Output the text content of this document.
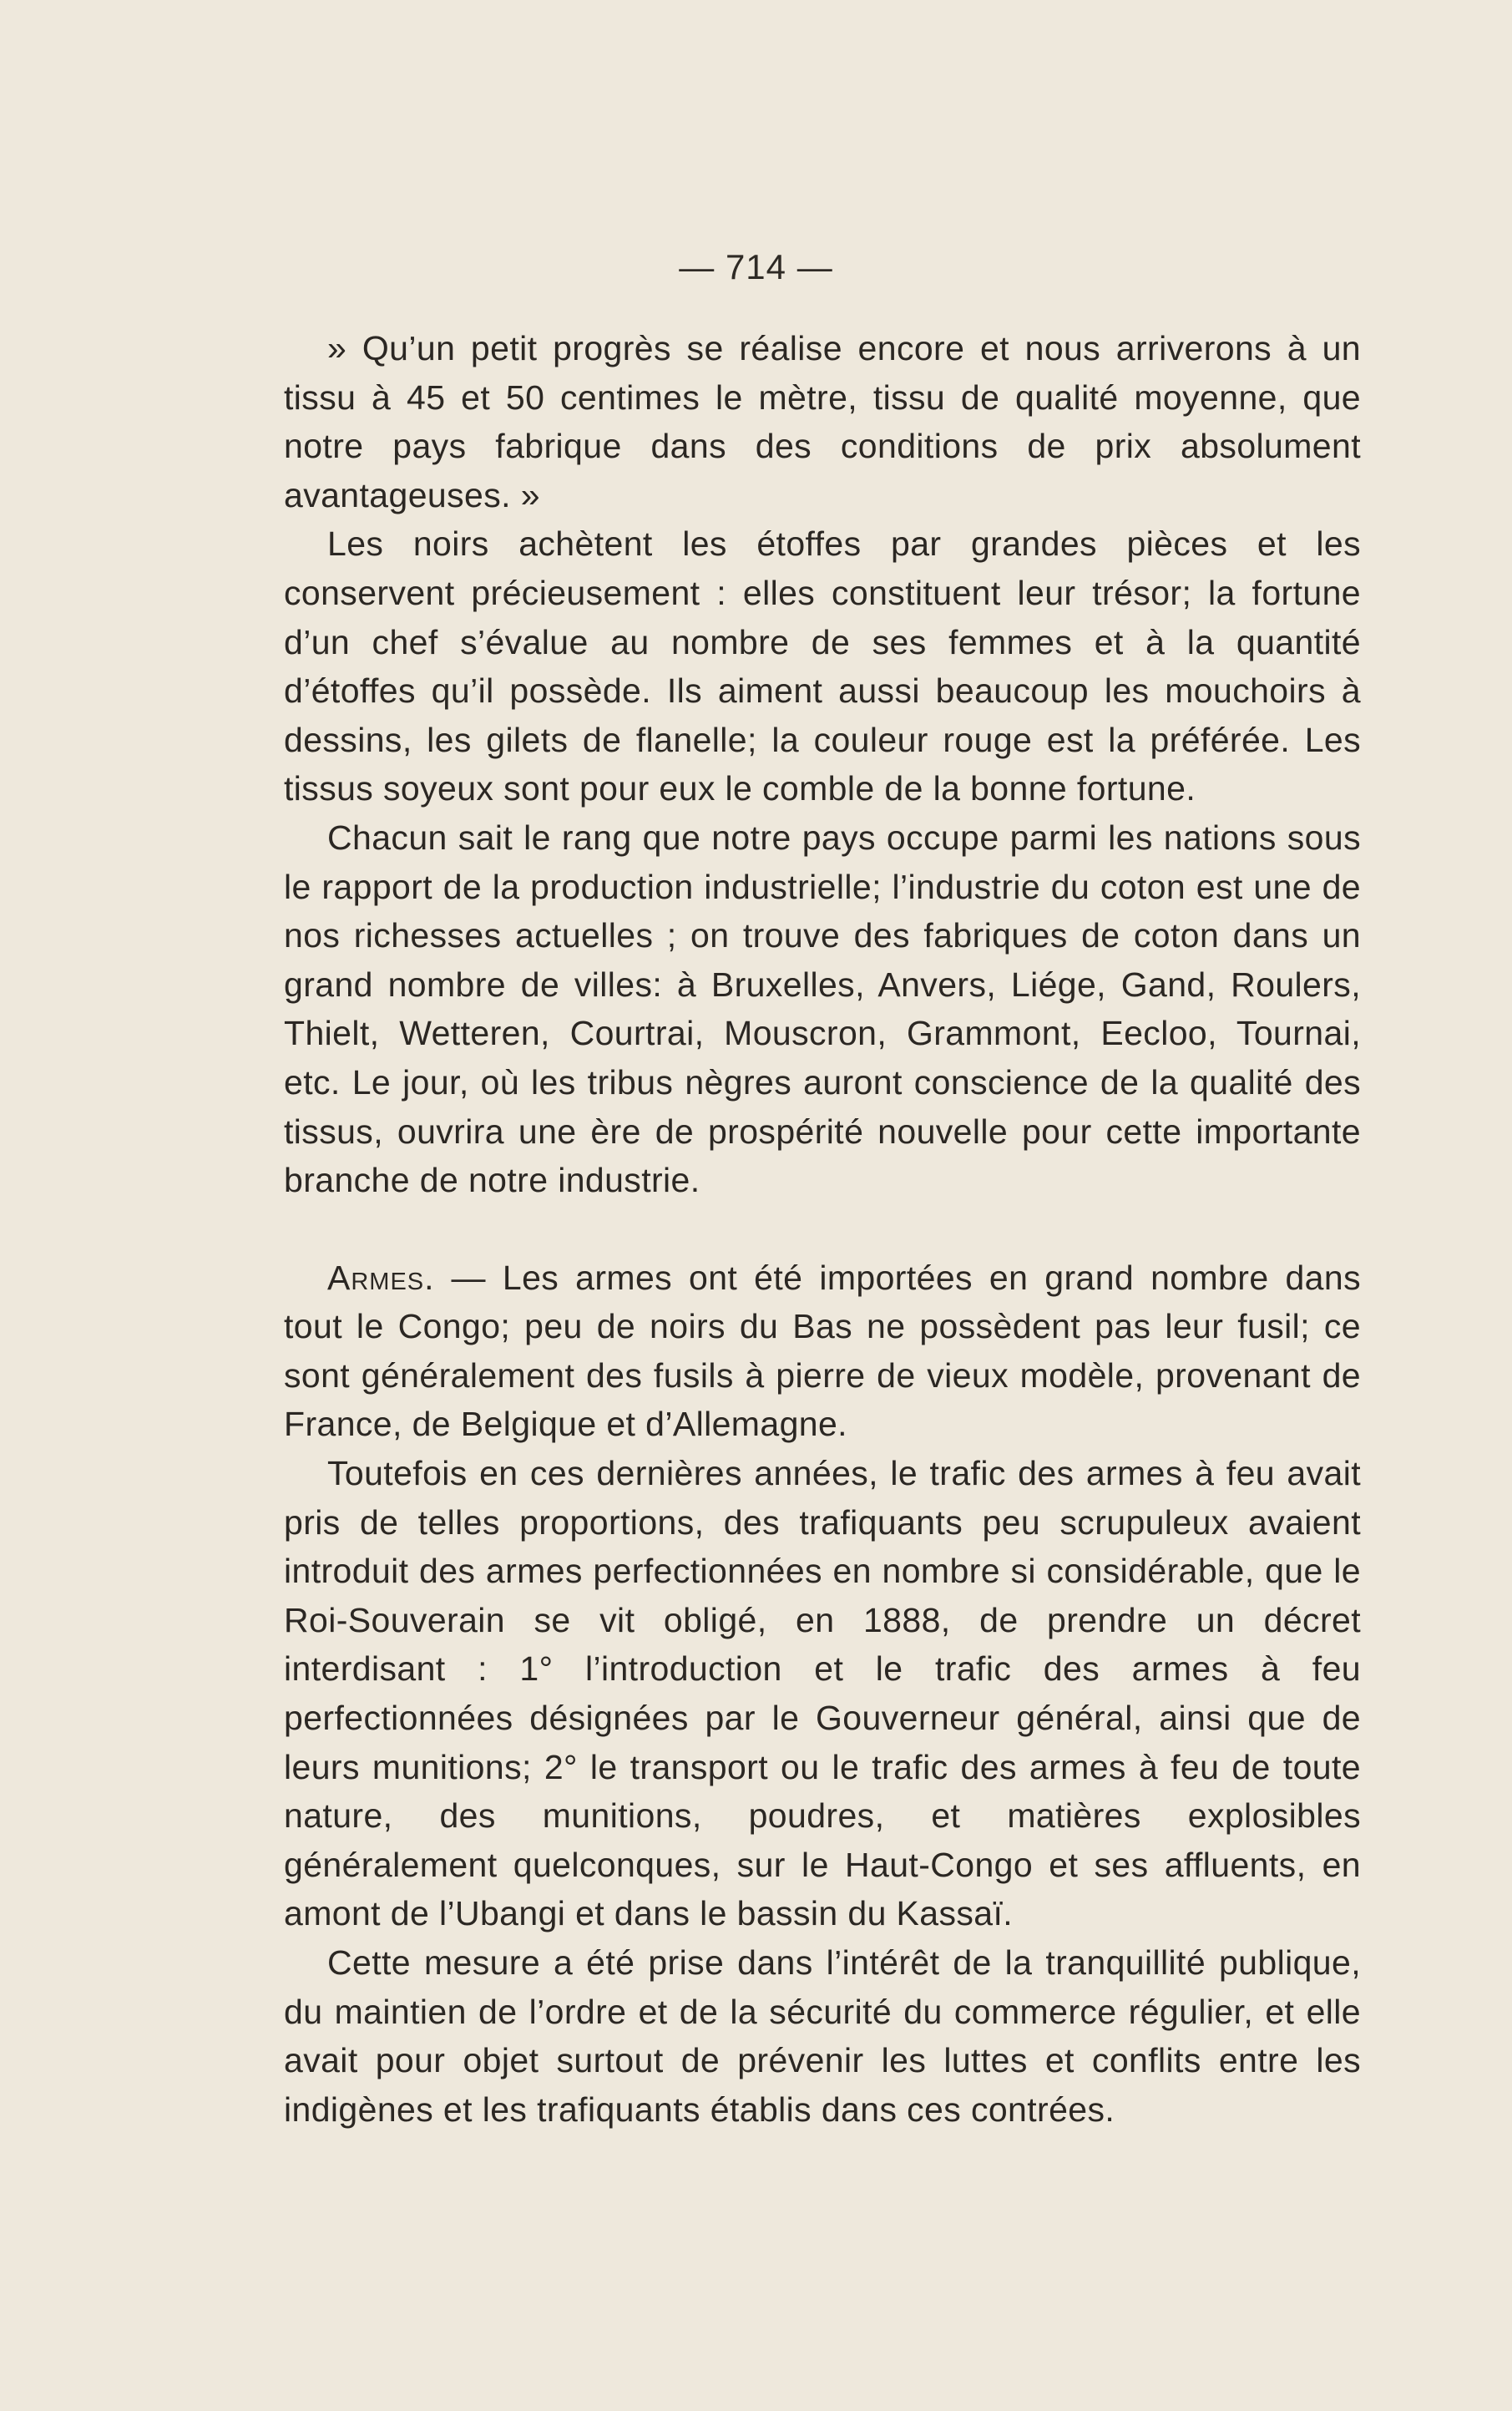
— 714 —

» Qu’un petit progrès se réalise encore et nous arriverons à un tissu à 45 et 50 centimes le mètre, tissu de qualité moyenne, que notre pays fabrique dans des conditions de prix absolument avantageuses. »

Les noirs achètent les étoffes par grandes pièces et les conservent précieusement : elles constituent leur trésor; la fortune d’un chef s’évalue au nombre de ses femmes et à la quantité d’étoffes qu’il possède. Ils aiment aussi beaucoup les mouchoirs à dessins, les gilets de flanelle; la couleur rouge est la préférée. Les tissus soyeux sont pour eux le comble de la bonne fortune.

Chacun sait le rang que notre pays occupe parmi les nations sous le rapport de la production industrielle; l’industrie du coton est une de nos richesses actuelles ; on trouve des fabriques de coton dans un grand nombre de villes: à Bruxelles, Anvers, Liége, Gand, Roulers, Thielt, Wetteren, Courtrai, Mouscron, Grammont, Eecloo, Tournai, etc. Le jour, où les tribus nègres auront conscience de la qualité des tissus, ouvrira une ère de prospérité nouvelle pour cette importante branche de notre industrie.

Armes. — Les armes ont été importées en grand nombre dans tout le Congo; peu de noirs du Bas ne possèdent pas leur fusil; ce sont généralement des fusils à pierre de vieux modèle, provenant de France, de Belgique et d’Allemagne.

Toutefois en ces dernières années, le trafic des armes à feu avait pris de telles proportions, des trafiquants peu scrupuleux avaient introduit des armes perfectionnées en nombre si considérable, que le Roi-Souverain se vit obligé, en 1888, de prendre un décret interdisant : 1° l’introduction et le trafic des armes à feu perfectionnées désignées par le Gouverneur général, ainsi que de leurs munitions; 2° le transport ou le trafic des armes à feu de toute nature, des munitions, poudres, et matières explosibles généralement quelconques, sur le Haut-Congo et ses affluents, en amont de l’Ubangi et dans le bassin du Kassaï.

Cette mesure a été prise dans l’intérêt de la tranquillité publique, du maintien de l’ordre et de la sécurité du commerce régulier, et elle avait pour objet surtout de prévenir les luttes et conflits entre les indigènes et les trafiquants établis dans ces contrées.
